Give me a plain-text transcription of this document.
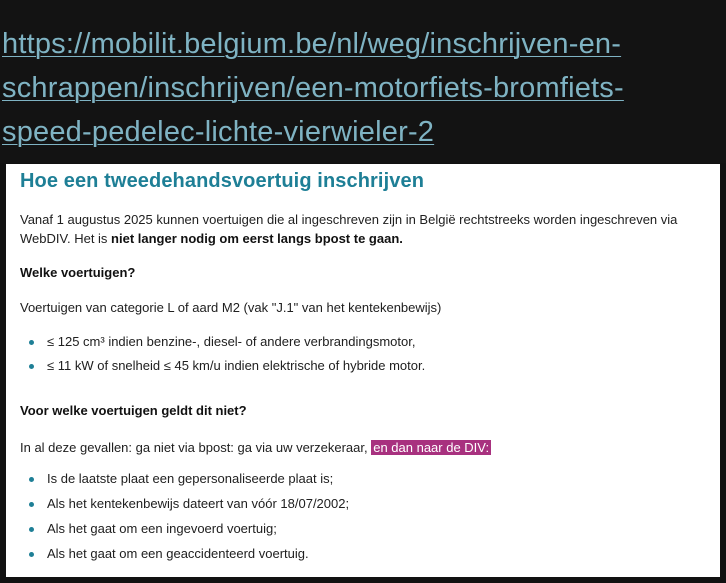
https://mobilit.belgium.be/nl/weg/inschrijven-en-
schrappen/inschrijven/een-motorfiets-bromfiets-
speed-pedelec-lichte-vierwieler-2
Hoe een tweedehandsvoertuig inschrijven

Vanaf 1 augustus 2025 kunnen voertuigen die al ingeschreven zijn in België rechtstreeks worden ingeschreven via WebDIV. Het is niet langer nodig om eerst langs bpost te gaan.

Welke voertuigen?

Voertuigen van categorie L of aard M2 (vak "J.1" van het kentekenbewijs)

≤ 125 cm³ indien benzine-, diesel- of andere verbrandingsmotor,
≤ 11 kW of snelheid ≤ 45 km/u indien elektrische of hybride motor.
Voor welke voertuigen geldt dit niet?

In al deze gevallen: ga niet via bpost: ga via uw verzekeraar, en dan naar de DIV:

Is de laatste plaat een gepersonaliseerde plaat is;
Als het kentekenbewijs dateert van vóór 18/07/2002;
Als het gaat om een ingevoerd voertuig;
Als het gaat om een geaccidenteerd voertuig.
